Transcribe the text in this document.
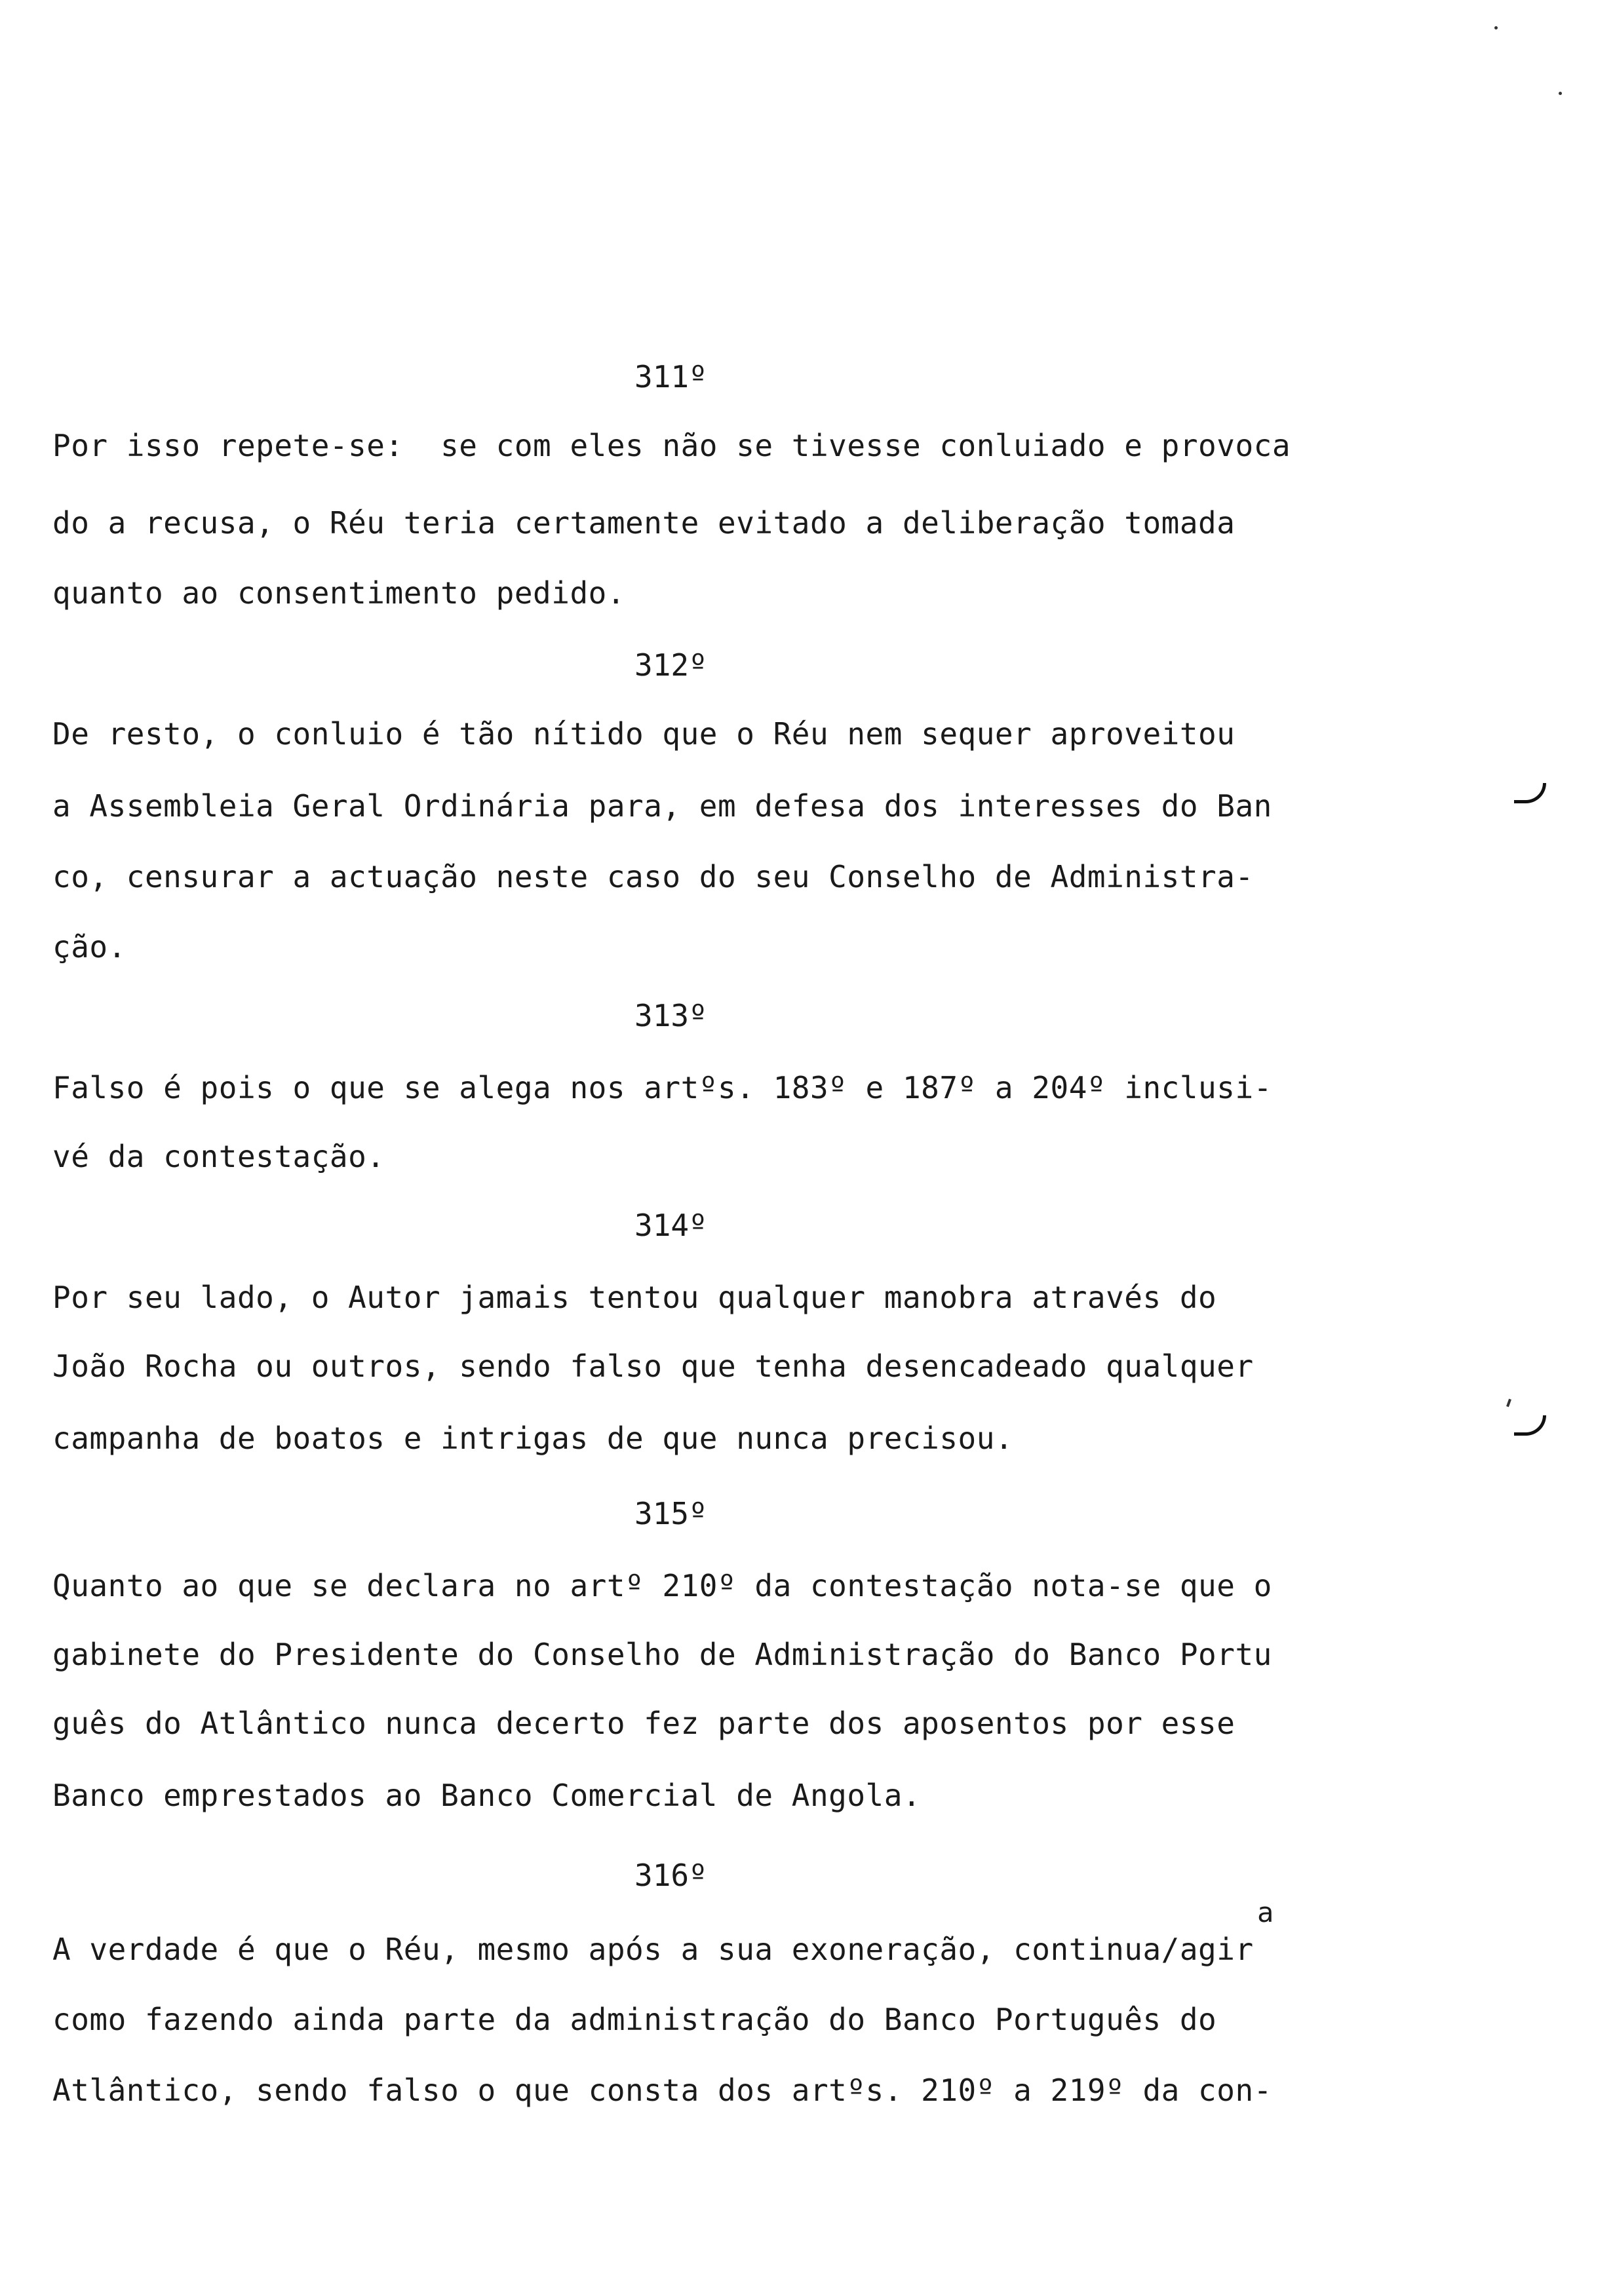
311º
Por isso repete-se:  se com eles não se tivesse conluiado e provoca
do a recusa, o Réu teria certamente evitado a deliberação tomada
quanto ao consentimento pedido.
312º
De resto, o conluio é tão nítido que o Réu nem sequer aproveitou
a Assembleia Geral Ordinária para, em defesa dos interesses do Ban
co, censurar a actuação neste caso do seu Conselho de Administra-
ção.
313º
Falso é pois o que se alega nos artºs. 183º e 187º a 204º inclusi-
vé da contestação.
314º
Por seu lado, o Autor jamais tentou qualquer manobra através do
João Rocha ou outros, sendo falso que tenha desencadeado qualquer
campanha de boatos e intrigas de que nunca precisou.
315º
Quanto ao que se declara no artº 210º da contestação nota-se que o
gabinete do Presidente do Conselho de Administração do Banco Portu
guês do Atlântico nunca decerto fez parte dos aposentos por esse
Banco emprestados ao Banco Comercial de Angola.
316º
a
A verdade é que o Réu, mesmo após a sua exoneração, continua/agir
como fazendo ainda parte da administração do Banco Português do
Atlântico, sendo falso o que consta dos artºs. 210º a 219º da con-
